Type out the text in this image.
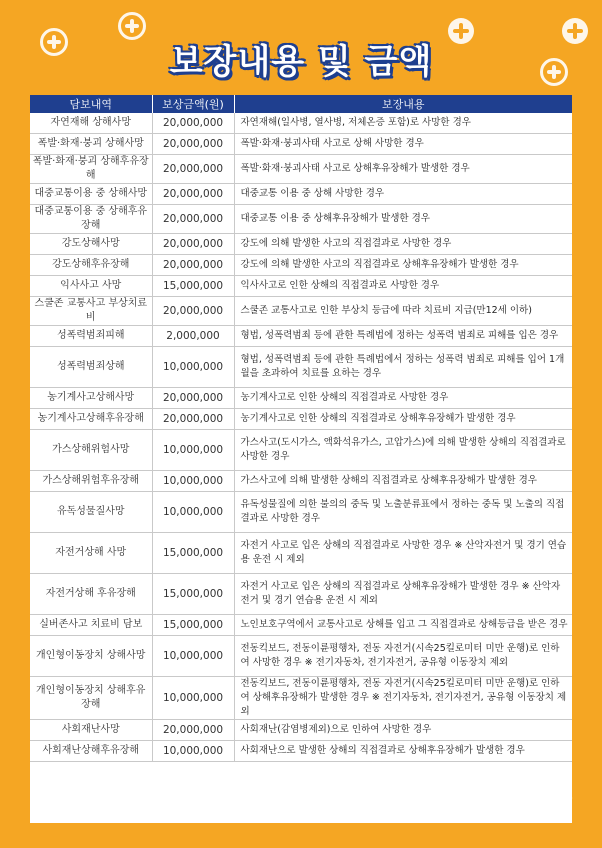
보장내용 및 금액
담보내역	보상금액(원)	보장내용
자연재해 상해사망	20,000,000	자연재해(일사병, 열사병, 저체온증 포함)로 사망한 경우
폭발·화재·붕괴 상해사망	20,000,000	폭발·화재·붕괴사태 사고로 상해 사망한 경우
폭발·화재·붕괴 상해후유장해	20,000,000	폭발·화재·붕괴사태 사고로 상해후유장해가 발생한 경우
대중교통이용 중 상해사망	20,000,000	대중교통 이용 중 상해 사망한 경우
대중교통이용 중 상해후유장해	20,000,000	대중교통 이용 중 상해후유장해가 발생한 경우
강도상해사망	20,000,000	강도에 의해 발생한 사고의 직접결과로 사망한 경우
강도상해후유장해	20,000,000	강도에 의해 발생한 사고의 직접결과로 상해후유장해가 발생한 경우
익사사고 사망	15,000,000	익사사고로 인한 상해의 직접결과로 사망한 경우
스쿨존 교통사고 부상치료비	20,000,000	스쿨존 교통사고로 인한 부상치 등급에 따라 치료비 지급(만12세 이하)
성폭력범죄피해	2,000,000	형법, 성폭력범죄 등에 관한 특례법에 정하는 성폭력 범죄로 피해를 입은 경우
성폭력범죄상해	10,000,000	형법, 성폭력범죄 등에 관한 특례법에서 정하는 성폭력 범죄로 피해를 입어 1개월을 초과하여 치료를 요하는 경우
농기계사고상해사망	20,000,000	농기계사고로 인한 상해의 직접결과로 사망한 경우
농기계사고상해후유장해	20,000,000	농기계사고로 인한 상해의 직접결과로 상해후유장해가 발생한 경우
가스상해위험사망	10,000,000	가스사고(도시가스, 액화석유가스, 고압가스)에 의해 발생한 상해의 직접결과로 사망한 경우
가스상해위험후유장해	10,000,000	가스사고에 의해 발생한 상해의 직접결과로 상해후유장해가 발생한 경우
유독성물질사망	10,000,000	유독성물질에 의한 불의의 중독 및 노출분류표에서 정하는 중독 및 노출의 직접결과로 사망한 경우
자전거상해 사망	15,000,000	자전거 사고로 입은 상해의 직접결과로 사망한 경우 ※ 산악자전거 및 경기 연습용 운전 시 제외
자전거상해 후유장해	15,000,000	자전거 사고로 입은 상해의 직접결과로 상해후유장해가 발생한 경우 ※ 산악자전거 및 경기 연습용 운전 시 제외
실버존사고 치료비 담보	15,000,000	노인보호구역에서 교통사고로 상해를 입고 그 직접결과로 상해등급을 받은 경우
개인형이동장치 상해사망	10,000,000	전동킥보드, 전동이륜평행차, 전동 자전거(시속25킬로미터 미만 운행)로 인하여 사망한 경우 ※ 전기자동차, 전기자전거, 공유형 이동장치 제외
개인형이동장치 상해후유장해	10,000,000	전동킥보드, 전동이륜평행차, 전동 자전거(시속25킬로미터 미만 운행)로 인하여 상해후유장해가 발생한 경우 ※ 전기자동차, 전기자전거, 공유형 이동장치 제외
사회재난사망	20,000,000	사회재난(감염병제외)으로 인하여 사망한 경우
사회재난상해후유장해	10,000,000	사회재난으로 발생한 상해의 직접결과로 상해후유장해가 발생한 경우
충북데일리
CBD
